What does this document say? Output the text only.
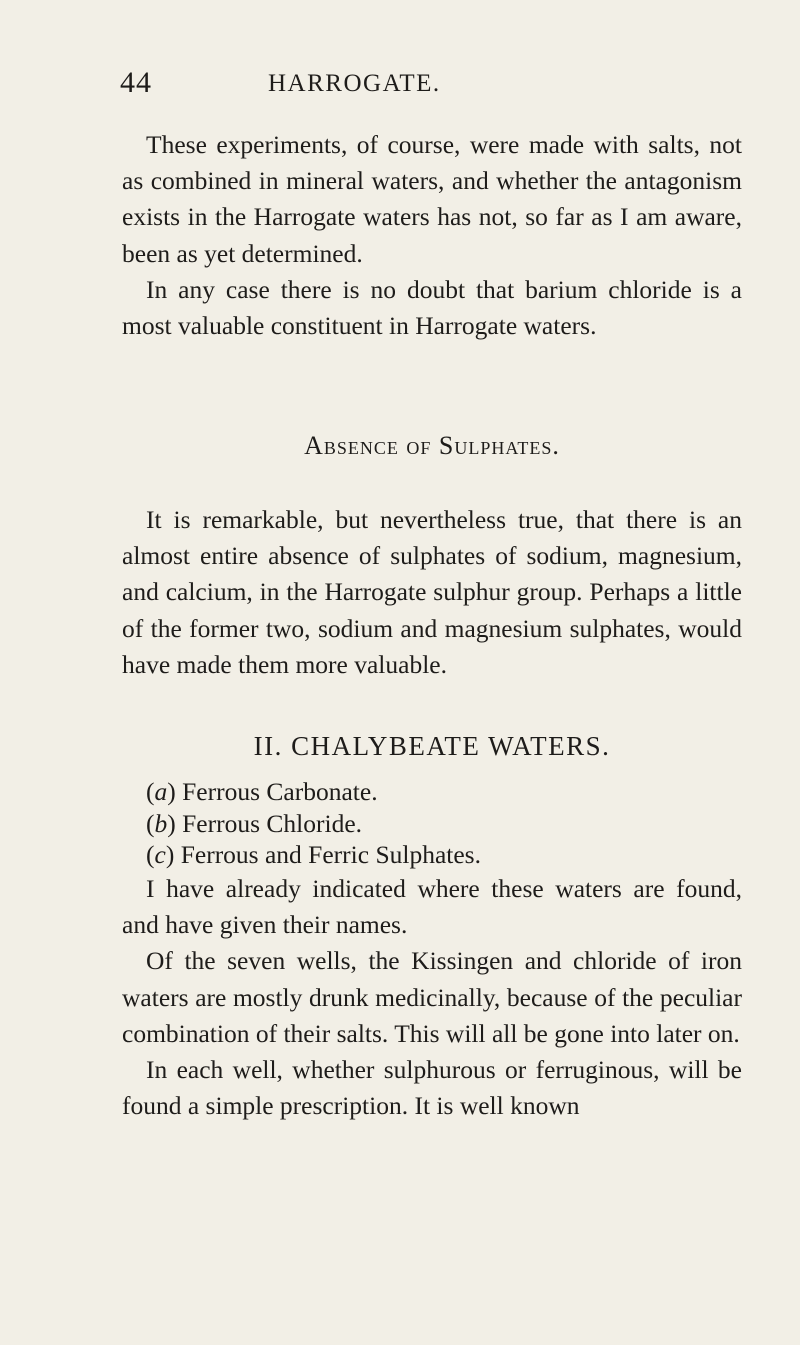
44	HARROGATE.

These experiments, of course, were made with salts, not as combined in mineral waters, and whether the antagonism exists in the Harrogate waters has not, so far as I am aware, been as yet determined.

In any case there is no doubt that barium chloride is a most valuable constituent in Harrogate waters.

Absence of Sulphates.

It is remarkable, but nevertheless true, that there is an almost entire absence of sulphates of sodium, magnesium, and calcium, in the Harrogate sulphur group. Perhaps a little of the former two, sodium and magnesium sulphates, would have made them more valuable.

II. CHALYBEATE WATERS.
(a) Ferrous Carbonate.
(b) Ferrous Chloride.
(c) Ferrous and Ferric Sulphates.

I have already indicated where these waters are found, and have given their names.

Of the seven wells, the Kissingen and chloride of iron waters are mostly drunk medicinally, because of the peculiar combination of their salts. This will all be gone into later on.

In each well, whether sulphurous or ferruginous, will be found a simple prescription. It is well known
